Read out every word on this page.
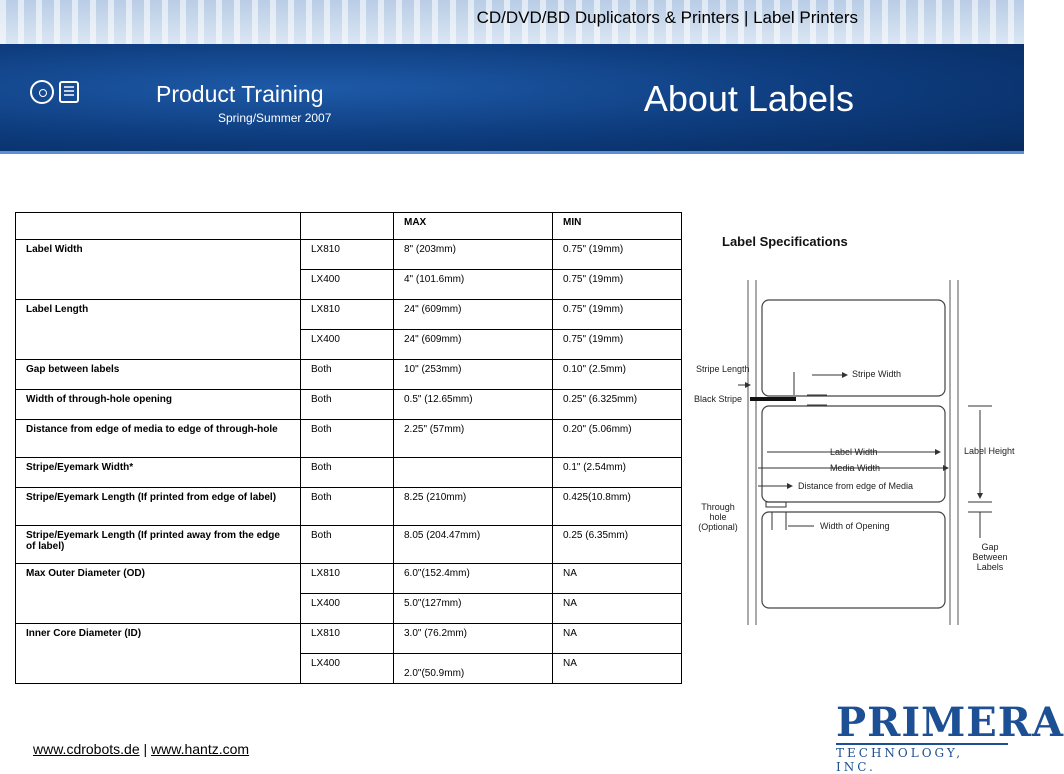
CD/DVD/BD Duplicators & Printers | Label Printers
Product Training
Spring/Summer 2007	About Labels
		MAX	MIN
Label Width	LX810	8" (203mm)	0.75" (19mm)
	LX400	4" (101.6mm)	0.75" (19mm)
Label Length	LX810	24" (609mm)	0.75" (19mm)
	LX400	24" (609mm)	0.75" (19mm)
Gap between labels	Both	10" (253mm)	0.10" (2.5mm)
Width of through-hole opening	Both	0.5" (12.65mm)	0.25" (6.325mm)
Distance from edge of media to edge of through-hole	Both	2.25" (57mm)	0.20" (5.06mm)
Stripe/Eyemark Width*	Both		0.1" (2.54mm)
Stripe/Eyemark Length (If printed from edge of label)	Both	8.25 (210mm)	0.425(10.8mm)
Stripe/Eyemark Length (If printed away from the edge of label)	Both	8.05 (204.47mm)	0.25 (6.35mm)
Max Outer Diameter (OD)	LX810	6.0"(152.4mm)	NA
	LX400	5.0"(127mm)	NA
Inner Core Diameter (ID)	LX810	3.0" (76.2mm)	NA
	LX400	2.0"(50.9mm)	NA
Label Specifications
Stripe Length
Black Stripe
Stripe Width
Label Height
Label Width
Media Width
Distance from edge of Media
Through hole (Optional)	Width of Opening
Gap Between Labels
www.cdrobots.de | www.hantz.com
PRIMERA
TECHNOLOGY, INC.
